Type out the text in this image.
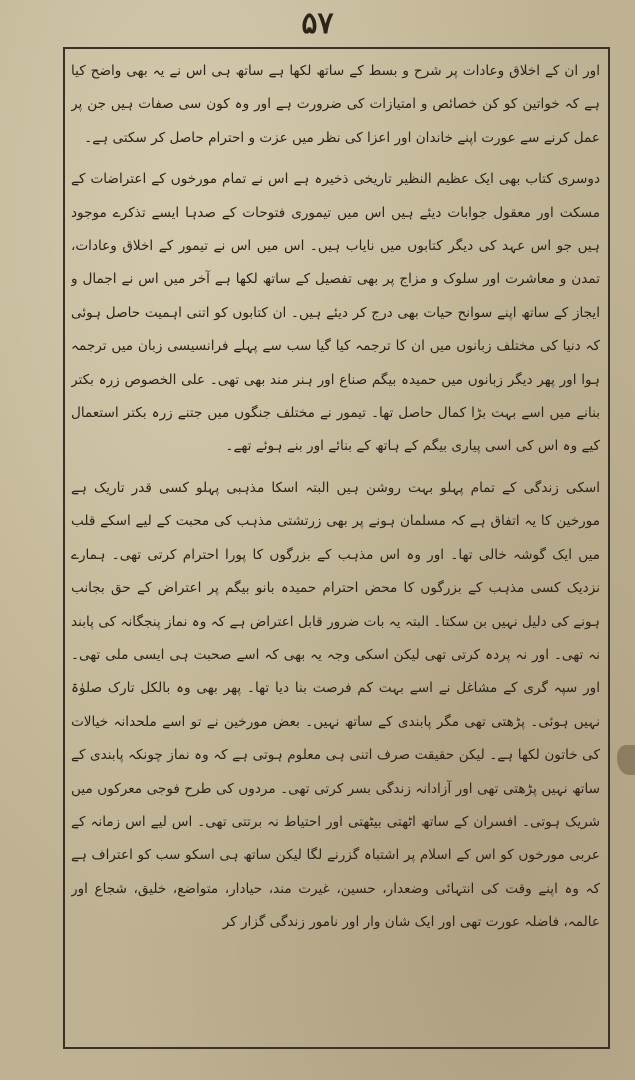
۵۷

اور ان کے اخلاق وعادات پر شرح و بسط کے ساتھ لکھا ہے ساتھ ہی اس نے یہ بھی واضح کیا ہے کہ خواتین کو کن خصائص و امتیازات کی ضرورت ہے اور وہ کون سی صفات ہیں جن پر عمل کرنے سے عورت اپنے خاندان اور اعزا کی نظر میں عزت و احترام حاصل کر سکتی ہے۔

دوسری کتاب بھی ایک عظیم النظیر تاریخی ذخیرہ ہے اس نے تمام مورخوں کے اعتراضات کے مسکت اور معقول جوابات دیئے ہیں اس میں تیموری فتوحات کے صدہا ایسے تذکرے موجود ہیں جو اس عہد کی دیگر کتابوں میں نایاب ہیں۔ اس میں اس نے تیمور کے اخلاق وعادات، تمدن و معاشرت اور سلوک و مزاج پر بھی تفصیل کے ساتھ لکھا ہے آخر میں اس نے اجمال و ایجاز کے ساتھ اپنے سوانح حیات بھی درج کر دیئے ہیں۔ ان کتابوں کو اتنی اہمیت حاصل ہوئی کہ دنیا کی مختلف زبانوں میں ان کا ترجمہ کیا گیا سب سے پہلے فرانسیسی زبان میں ترجمہ ہوا اور پھر دیگر زبانوں میں حمیدہ بیگم صناع اور ہنر مند بھی تھی۔ علی الخصوص زرہ بکتر بنانے میں اسے بہت بڑا کمال حاصل تھا۔ تیمور نے مختلف جنگوں میں جتنے زرہ بکتر استعمال کیے وہ اس کی اسی پیاری بیگم کے ہاتھ کے بنائے اور بنے ہوئے تھے۔

اسکی زندگی کے تمام پہلو بہت روشن ہیں البتہ اسکا مذہبی پہلو کسی قدر تاریک ہے مورخین کا یہ اتفاق ہے کہ مسلمان ہونے پر بھی زرتشتی مذہب کی محبت کے لیے اسکے قلب میں ایک گوشہ خالی تھا۔ اور وہ اس مذہب کے بزرگوں کا پورا احترام کرتی تھی۔ ہمارے نزدیک کسی مذہب کے بزرگوں کا محض احترام حمیدہ بانو بیگم پر اعتراض کے حق بجانب ہونے کی دلیل نہیں بن سکتا۔ البتہ یہ بات ضرور قابل اعتراض ہے کہ وہ نماز پنجگانہ کی پابند نہ تھی۔ اور نہ پردہ کرتی تھی لیکن اسکی وجہ یہ بھی کہ اسے صحبت ہی ایسی ملی تھی۔ اور سپہ گری کے مشاغل نے اسے بہت کم فرصت بنا دیا تھا۔ پھر بھی وہ بالکل تارک صلوٰۃ نہیں ہوئی۔ پڑھتی تھی مگر پابندی کے ساتھ نہیں۔ بعض مورخین نے تو اسے ملحدانہ خیالات کی خاتون لکھا ہے۔ لیکن حقیقت صرف اتنی ہی معلوم ہوتی ہے کہ وہ نماز چونکہ پابندی کے ساتھ نہیں پڑھتی تھی اور آزادانہ زندگی بسر کرتی تھی۔ مردوں کی طرح فوجی معرکوں میں شریک ہوتی۔ افسران کے ساتھ اٹھتی بیٹھتی اور احتیاط نہ برتتی تھی۔ اس لیے اس زمانہ کے عربی مورخوں کو اس کے اسلام پر اشتباہ گزرنے لگا لیکن ساتھ ہی اسکو سب کو اعتراف ہے کہ وہ اپنے وقت کی انتہائی وضعدار، حسین، غیرت مند، حیادار، متواضع، خلیق، شجاع اور عالمہ، فاضلہ عورت تھی اور ایک شان وار اور نامور زندگی گزار کر
